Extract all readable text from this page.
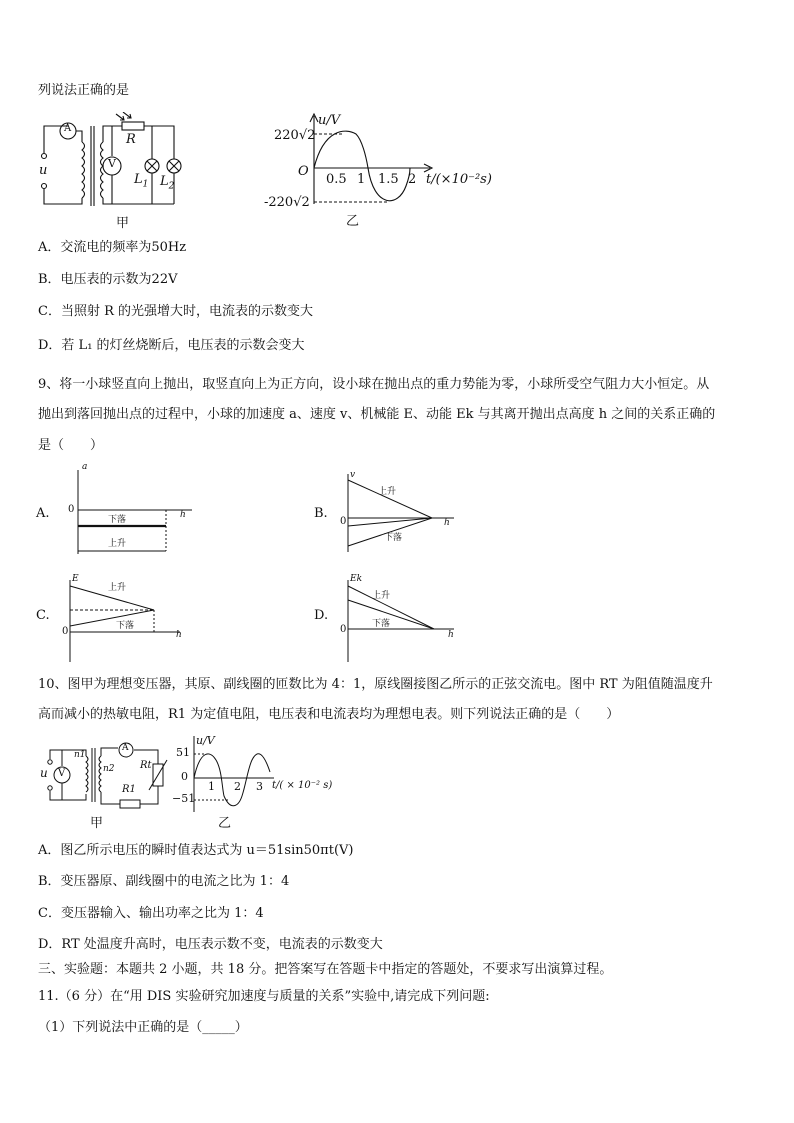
列说法正确的是
A
V
R
u
$L_1$ $L_2$
甲
u/V
220√2
O
-220√2
0.5 1 1.5 2 t/(×10⁻²s)
乙
A．交流电的频率为50Hz
B．电压表的示数为22V
C．当照射 R 的光强增大时，电流表的示数变大
D．若 L₁ 的灯丝烧断后，电压表的示数会变大
9、将一小球竖直向上抛出，取竖直向上为正方向，设小球在抛出点的重力势能为零，小球所受空气阻力大小恒定。从
抛出到落回抛出点的过程中，小球的加速度 a、速度 v、机械能 E、动能 Ek 与其离开抛出点高度 h 之间的关系正确的
是（　　）
A.
a
0
下落
上升
h	B.
v
0
上升
下落
h
C.
E
0
上升
下落
h
D.
Ek
0
上升
下落
h
10、图甲为理想变压器，其原、副线圈的匝数比为 4：1，原线圈接图乙所示的正弦交流电。图中 RT 为阻值随温度升
高而减小的热敏电阻，R1 为定值电阻，电压表和电流表均为理想电表。则下列说法正确的是（　　）
u V
A
n1
n2
R1
Rt
甲
u/V
51
0
−51
1 2 3 t/( × 10⁻² s)
乙
A．图乙所示电压的瞬时值表达式为 u＝51sin50πt(V)
B．变压器原、副线圈中的电流之比为 1：4
C．变压器输入、输出功率之比为 1：4
D．RT 处温度升高时，电压表示数不变，电流表的示数变大
三、实验题：本题共 2 小题，共 18 分。把答案写在答题卡中指定的答题处，不要求写出演算过程。
11.（6 分）在“用 DIS 实验研究加速度与质量的关系”实验中,请完成下列问题:
（1）下列说法中正确的是（_____）
